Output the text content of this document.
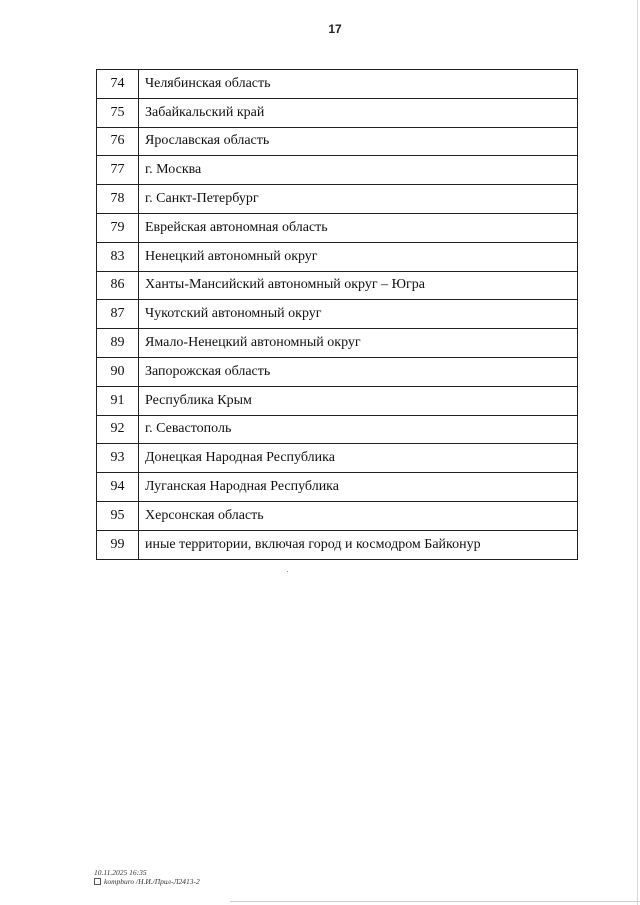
17
74	Челябинская область
75	Забайкальский край
76	Ярославская область
77	г. Москва
78	г. Санкт-Петербург
79	Еврейская автономная область
83	Ненецкий автономный округ
86	Ханты-Мансийский автономный округ – Югра
87	Чукотский автономный округ
89	Ямало-Ненецкий автономный округ
90	Запорожская область
91	Республика Крым
92	г. Севастополь
93	Донецкая Народная Республика
94	Луганская Народная Республика
95	Херсонская область
99	иные территории, включая город и космодром Байконур
10.11.2025 16:35
kompburo /Н.И./Прил-Л2413-2
